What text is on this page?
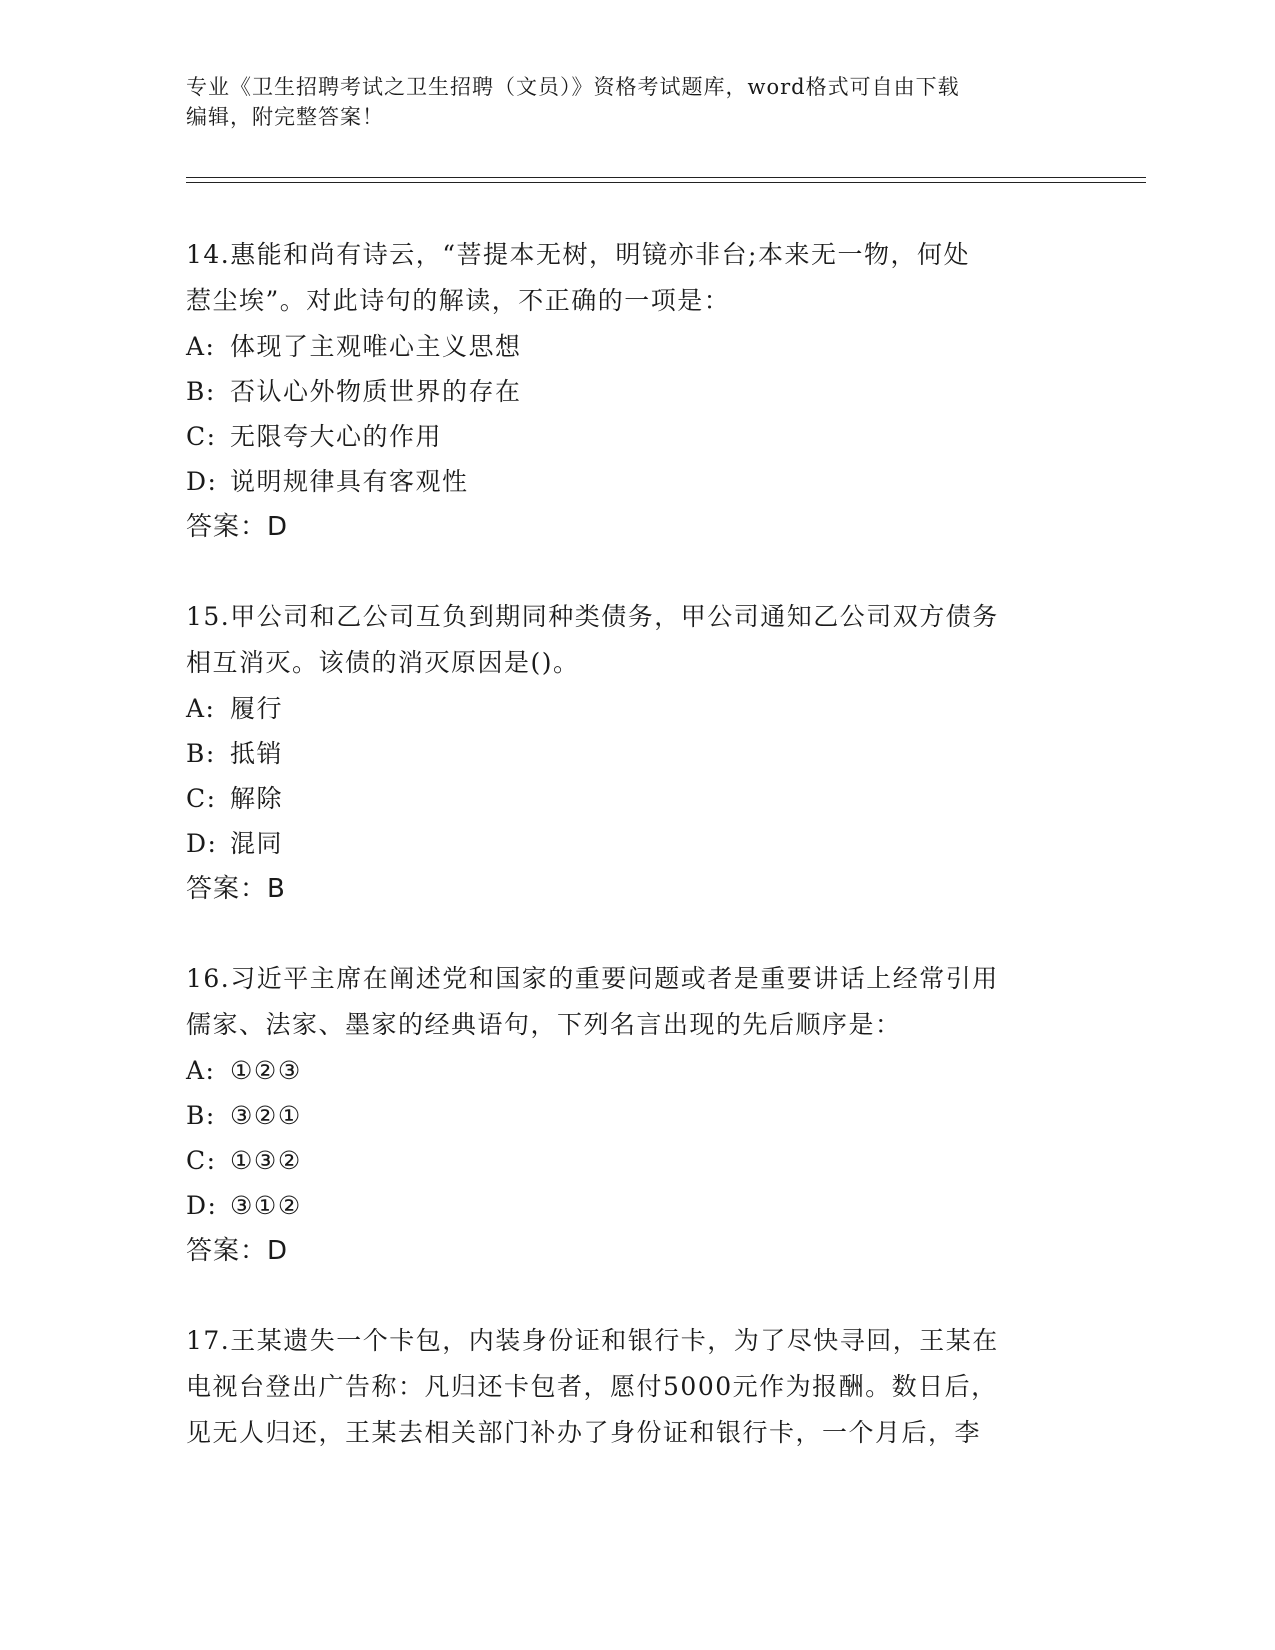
专业《卫生招聘考试之卫生招聘（文员）》资格考试题库，word格式可自由下载
编辑，附完整答案！

14.惠能和尚有诗云，“菩提本无树，明镜亦非台;本来无一物，何处

惹尘埃”。对此诗句的解读，不正确的一项是：

A: 体现了主观唯心主义思想

B: 否认心外物质世界的存在

C: 无限夸大心的作用

D: 说明规律具有客观性

答案：D

15.甲公司和乙公司互负到期同种类债务，甲公司通知乙公司双方债务

相互消灭。该债的消灭原因是()。

A: 履行

B: 抵销

C: 解除

D: 混同

答案：B

16.习近平主席在阐述党和国家的重要问题或者是重要讲话上经常引用

儒家、法家、墨家的经典语句，下列名言出现的先后顺序是：

A: ①②③

B: ③②①

C: ①③②

D: ③①②

答案：D

17.王某遗失一个卡包，内装身份证和银行卡，为了尽快寻回，王某在

电视台登出广告称：凡归还卡包者，愿付5000元作为报酬。数日后，

见无人归还，王某去相关部门补办了身份证和银行卡，一个月后，李
